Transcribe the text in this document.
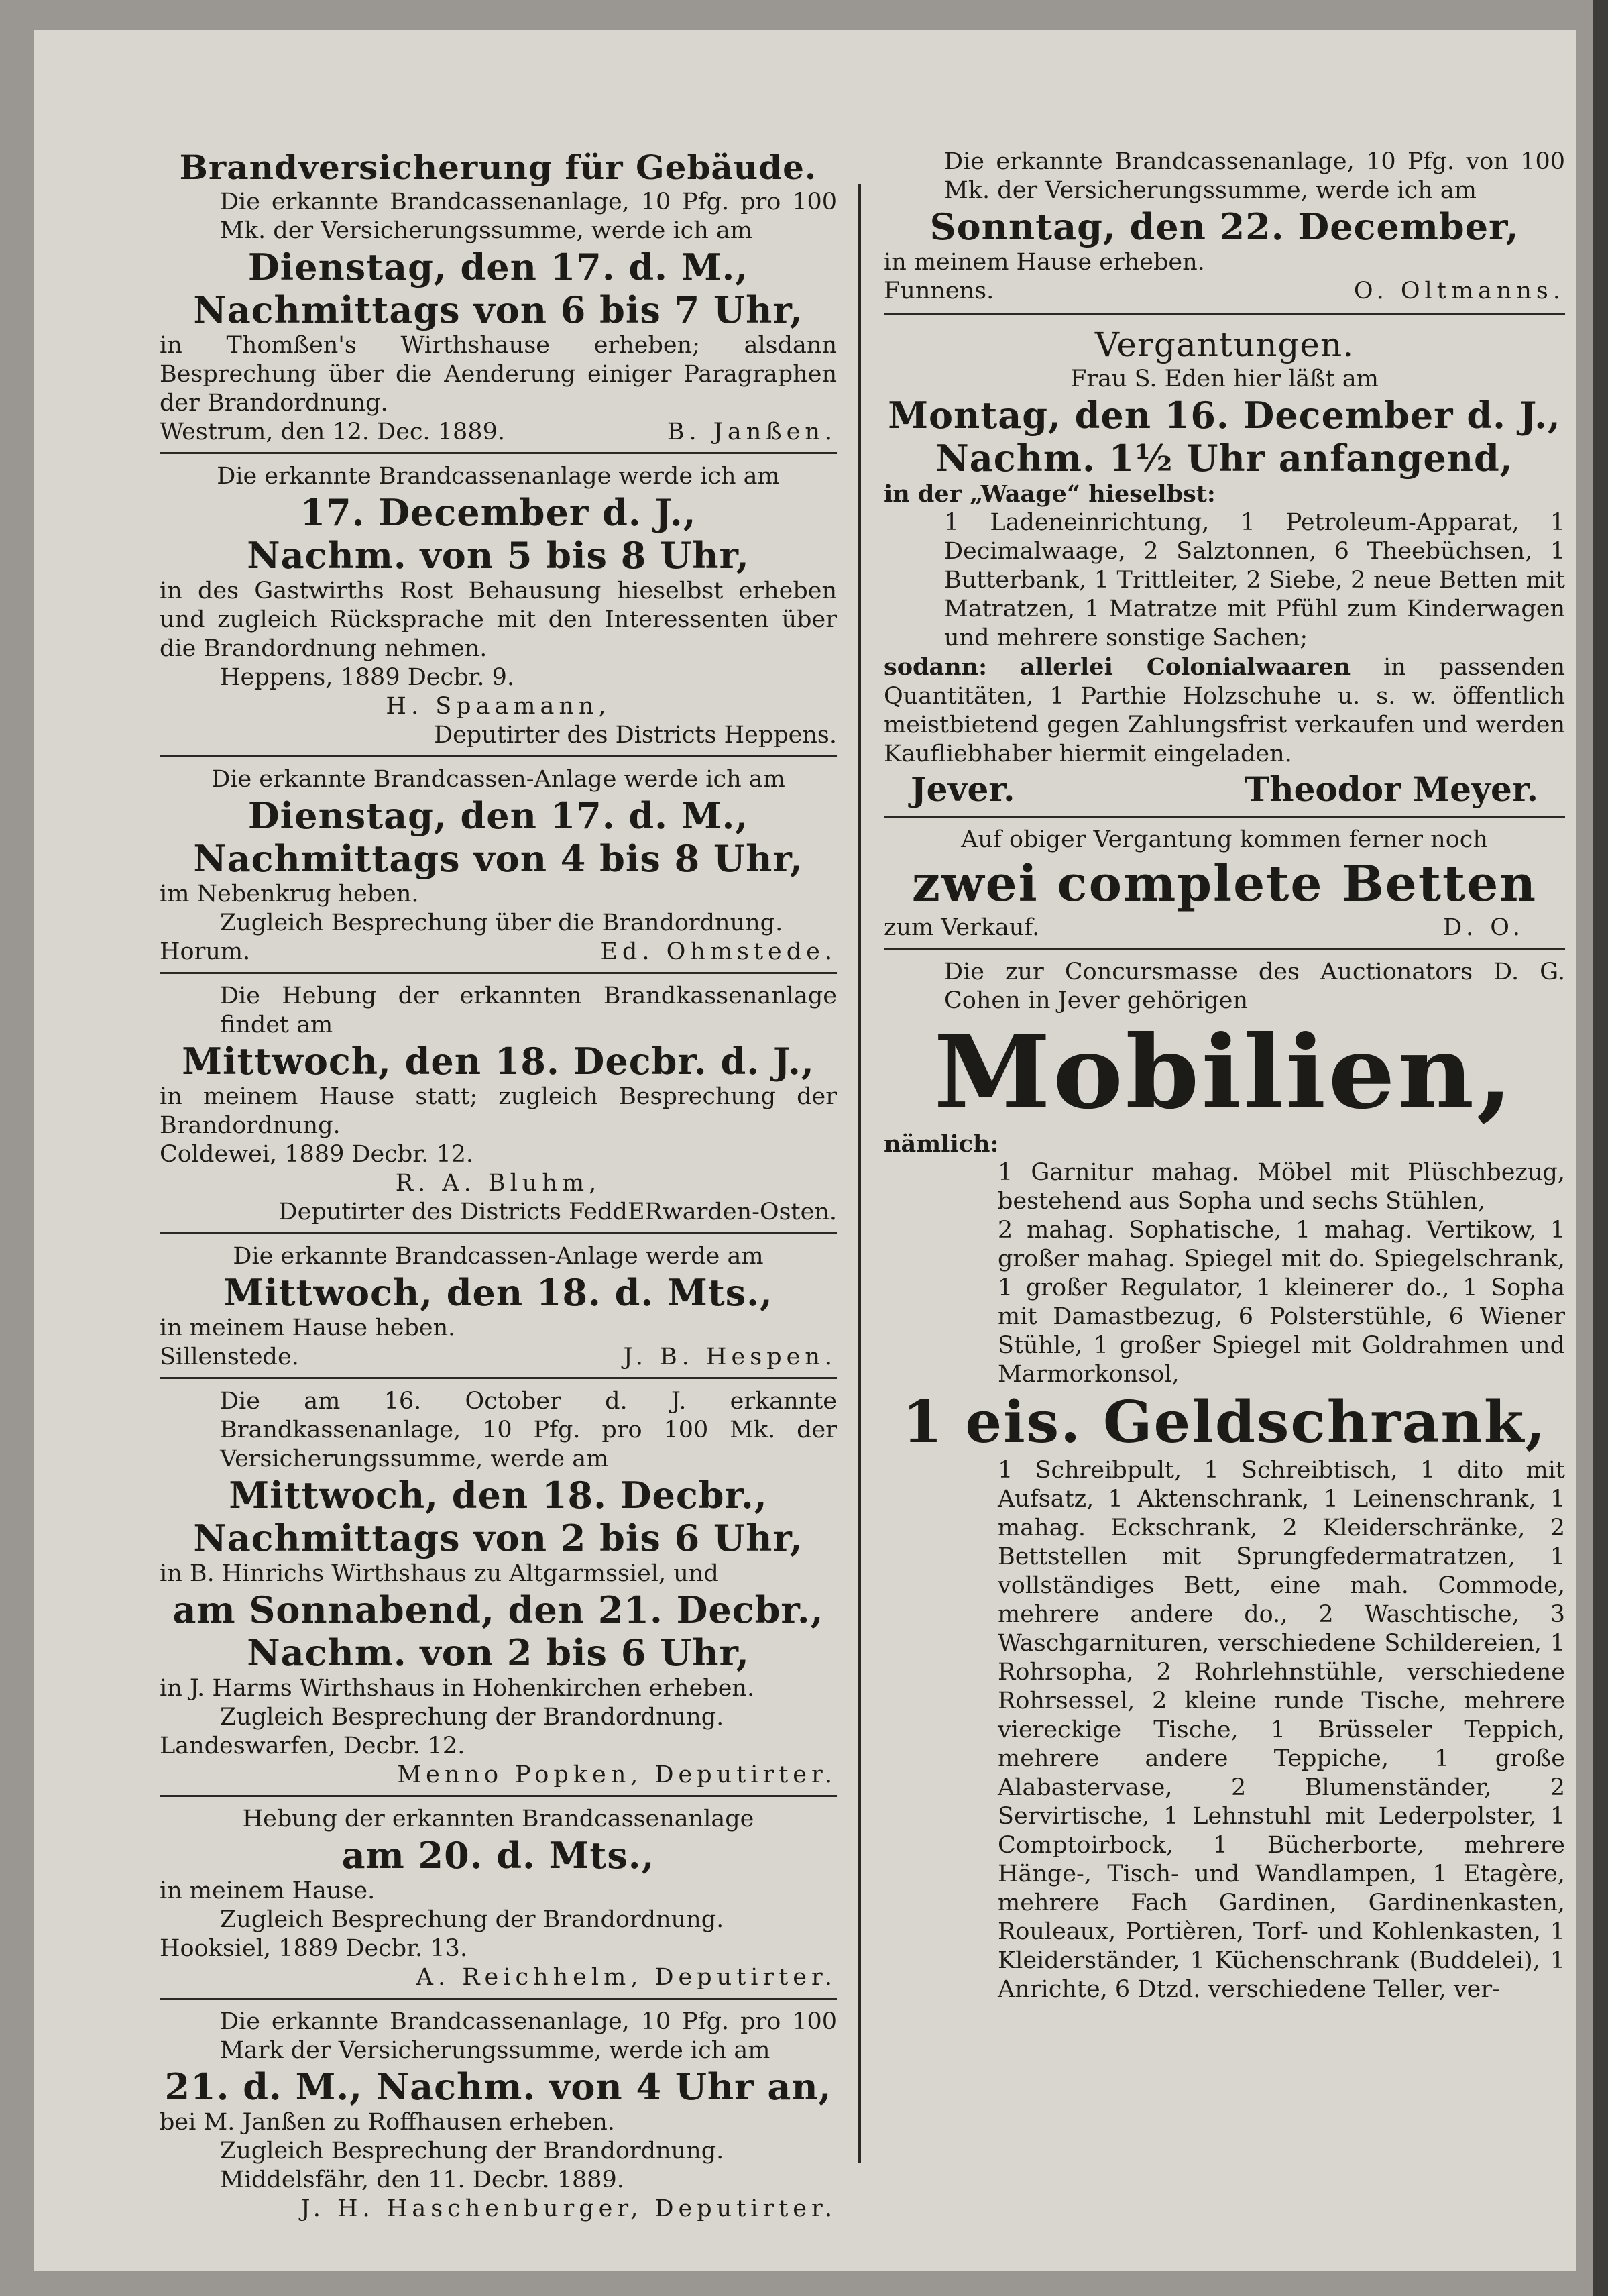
Brandversicherung für Gebäude.

Die erkannte Brandcassenanlage, 10 Pfg. pro 100 Mk. der Versicherungssumme, werde ich am

Dienstag, den 17. d. M.,

Nachmittags von 6 bis 7 Uhr,

in Thomßen's Wirthshause erheben; alsdann Besprechung über die Aenderung einiger Paragraphen der Brandordnung.

Westrum, den 12. Dec. 1889.	B. Janßen.

Die erkannte Brandcassenanlage werde ich am

17. December d. J.,

Nachm. von 5 bis 8 Uhr,

in des Gastwirths Rost Behausung hieselbst erheben und zugleich Rücksprache mit den Interessenten über die Brandordnung nehmen.

Heppens, 1889 Decbr. 9.

H. Spaamann,

Deputirter des Districts Heppens.

Die erkannte Brandcassen-Anlage werde ich am

Dienstag, den 17. d. M.,

Nachmittags von 4 bis 8 Uhr,

im Nebenkrug heben.

Zugleich Besprechung über die Brandordnung.

Horum.	Ed. Ohmstede.

Die Hebung der erkannten Brandkassenanlage findet am

Mittwoch, den 18. Decbr. d. J.,

in meinem Hause statt; zugleich Besprechung der Brandordnung.

Coldewei, 1889 Decbr. 12.

R. A. Bluhm,

Deputirter des Districts FeddERwarden-Osten.

Die erkannte Brandcassen-Anlage werde am

Mittwoch, den 18. d. Mts.,

in meinem Hause heben.

Sillenstede.	J. B. Hespen.

Die am 16. October d. J. erkannte Brandkassenanlage, 10 Pfg. pro 100 Mk. der Versicherungssumme, werde am

Mittwoch, den 18. Decbr.,

Nachmittags von 2 bis 6 Uhr,

in B. Hinrichs Wirthshaus zu Altgarmssiel, und

am Sonnabend, den 21. Decbr.,

Nachm. von 2 bis 6 Uhr,

in J. Harms Wirthshaus in Hohenkirchen erheben.

Zugleich Besprechung der Brandordnung.

Landeswarfen, Decbr. 12.

Menno Popken, Deputirter.

Hebung der erkannten Brandcassenanlage

am 20. d. Mts.,

in meinem Hause.

Zugleich Besprechung der Brandordnung.

Hooksiel, 1889 Decbr. 13.

A. Reichhelm, Deputirter.

Die erkannte Brandcassenanlage, 10 Pfg. pro 100 Mark der Versicherungssumme, werde ich am

21. d. M., Nachm. von 4 Uhr an,

bei M. Janßen zu Roffhausen erheben.

Zugleich Besprechung der Brandordnung.

Middelsfähr, den 11. Decbr. 1889.

J. H. Haschenburger, Deputirter.

Die erkannte Brandcassenanlage, 10 Pfg. von 100 Mk. der Versicherungssumme, werde ich am

Sonntag, den 22. December,

in meinem Hause erheben.

Funnens.	O. Oltmanns.

Vergantungen.

Frau S. Eden hier läßt am

Montag, den 16. December d. J.,

Nachm. 1½ Uhr anfangend,

in der „Waage“ hieselbst:

1 Ladeneinrichtung, 1 Petroleum-Apparat, 1 Decimalwaage, 2 Salztonnen, 6 Theebüchsen, 1 Butterbank, 1 Trittleiter, 2 Siebe, 2 neue Betten mit Matratzen, 1 Matratze mit Pfühl zum Kinderwagen und mehrere sonstige Sachen;

sodann: allerlei Colonialwaaren in passenden Quantitäten, 1 Parthie Holzschuhe u. s. w. öffentlich meistbietend gegen Zahlungsfrist verkaufen und werden Kaufliebhaber hiermit eingeladen.

Jever.	Theodor Meyer.

Auf obiger Vergantung kommen ferner noch

zwei complete Betten

zum Verkauf.	D. O.

Die zur Concursmasse des Auctionators D. G. Cohen in Jever gehörigen

Mobilien,

nämlich:

1 Garnitur mahag. Möbel mit Plüschbezug, bestehend aus Sopha und sechs Stühlen,

2 mahag. Sophatische, 1 mahag. Vertikow, 1 großer mahag. Spiegel mit do. Spiegelschrank, 1 großer Regulator, 1 kleinerer do., 1 Sopha mit Damastbezug, 6 Polsterstühle, 6 Wiener Stühle, 1 großer Spiegel mit Goldrahmen und Marmorkonsol,

1 eis. Geldschrank,

1 Schreibpult, 1 Schreibtisch, 1 dito mit Aufsatz, 1 Aktenschrank, 1 Leinenschrank, 1 mahag. Eckschrank, 2 Kleiderschränke, 2 Bettstellen mit Sprungfedermatratzen, 1 vollständiges Bett, eine mah. Commode, mehrere andere do., 2 Waschtische, 3 Waschgarnituren, verschiedene Schildereien, 1 Rohrsopha, 2 Rohrlehnstühle, verschiedene Rohrsessel, 2 kleine runde Tische, mehrere viereckige Tische, 1 Brüsseler Teppich, mehrere andere Teppiche, 1 große Alabastervase, 2 Blumenständer, 2 Servirtische, 1 Lehnstuhl mit Lederpolster, 1 Comptoirbock, 1 Bücherborte, mehrere Hänge-, Tisch- und Wandlampen, 1 Etagère, mehrere Fach Gardinen, Gardinenkasten, Rouleaux, Portièren, Torf- und Kohlenkasten, 1 Kleiderständer, 1 Küchenschrank (Buddelei), 1 Anrichte, 6 Dtzd. verschiedene Teller, ver-
